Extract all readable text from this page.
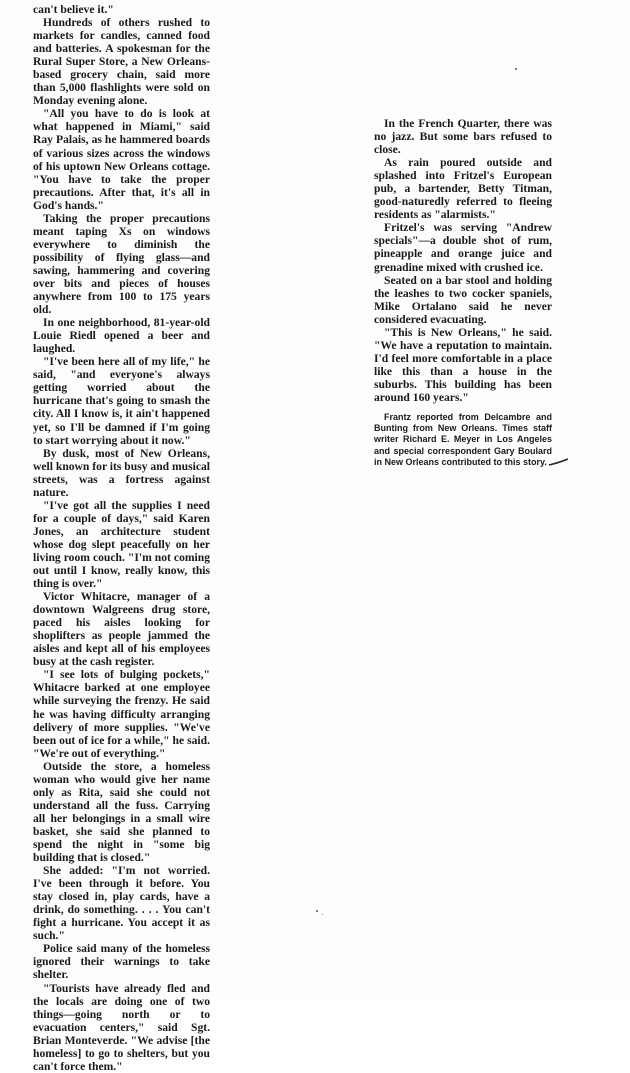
can't believe it."

Hundreds of others rushed to markets for candles, canned food and batteries. A spokesman for the Rural Super Store, a New Orleans-based grocery chain, said more than 5,000 flashlights were sold on Monday evening alone.

"All you have to do is look at what happened in Miami," said Ray Palais, as he hammered boards of various sizes across the windows of his uptown New Orleans cottage. "You have to take the proper precautions. After that, it's all in God's hands."

Taking the proper precautions meant taping Xs on windows everywhere to diminish the possibility of flying glass—and sawing, hammering and covering over bits and pieces of houses anywhere from 100 to 175 years old.

In one neighborhood, 81-year-old Louie Riedl opened a beer and laughed.

"I've been here all of my life," he said, "and everyone's always getting worried about the hurricane that's going to smash the city. All I know is, it ain't happened yet, so I'll be damned if I'm going to start worrying about it now."

By dusk, most of New Orleans, well known for its busy and musical streets, was a fortress against nature.

"I've got all the supplies I need for a couple of days," said Karen Jones, an architecture student whose dog slept peacefully on her living room couch. "I'm not coming out until I know, really know, this thing is over."

Victor Whitacre, manager of a downtown Walgreens drug store, paced his aisles looking for shoplifters as people jammed the aisles and kept all of his employees busy at the cash register.

"I see lots of bulging pockets," Whitacre barked at one employee while surveying the frenzy. He said he was having difficulty arranging delivery of more supplies. "We've been out of ice for a while," he said. "We're out of everything."

Outside the store, a homeless woman who would give her name only as Rita, said she could not understand all the fuss. Carrying all her belongings in a small wire basket, she said she planned to spend the night in "some big building that is closed."

She added: "I'm not worried. I've been through it before. You stay closed in, play cards, have a drink, do something. . . . You can't fight a hurricane. You accept it as such."

Police said many of the homeless ignored their warnings to take shelter.

"Tourists have already fled and the locals are doing one of two things—going north or to evacuation centers," said Sgt. Brian Monteverde. "We advise [the homeless] to go to shelters, but you can't force them."

In the French Quarter, there was no jazz. But some bars refused to close.

As rain poured outside and splashed into Fritzel's European pub, a bartender, Betty Titman, good-naturedly referred to fleeing residents as "alarmists."

Fritzel's was serving "Andrew specials"—a double shot of rum, pineapple and orange juice and grenadine mixed with crushed ice.

Seated on a bar stool and holding the leashes to two cocker spaniels, Mike Ortalano said he never considered evacuating.

"This is New Orleans," he said. "We have a reputation to maintain. I'd feel more comfortable in a place like this than a house in the suburbs. This building has been around 160 years."

Frantz reported from Delcambre and Bunting from New Orleans. Times staff writer Richard E. Meyer in Los Angeles and special correspondent Gary Boulard in New Orleans contributed to this story.
